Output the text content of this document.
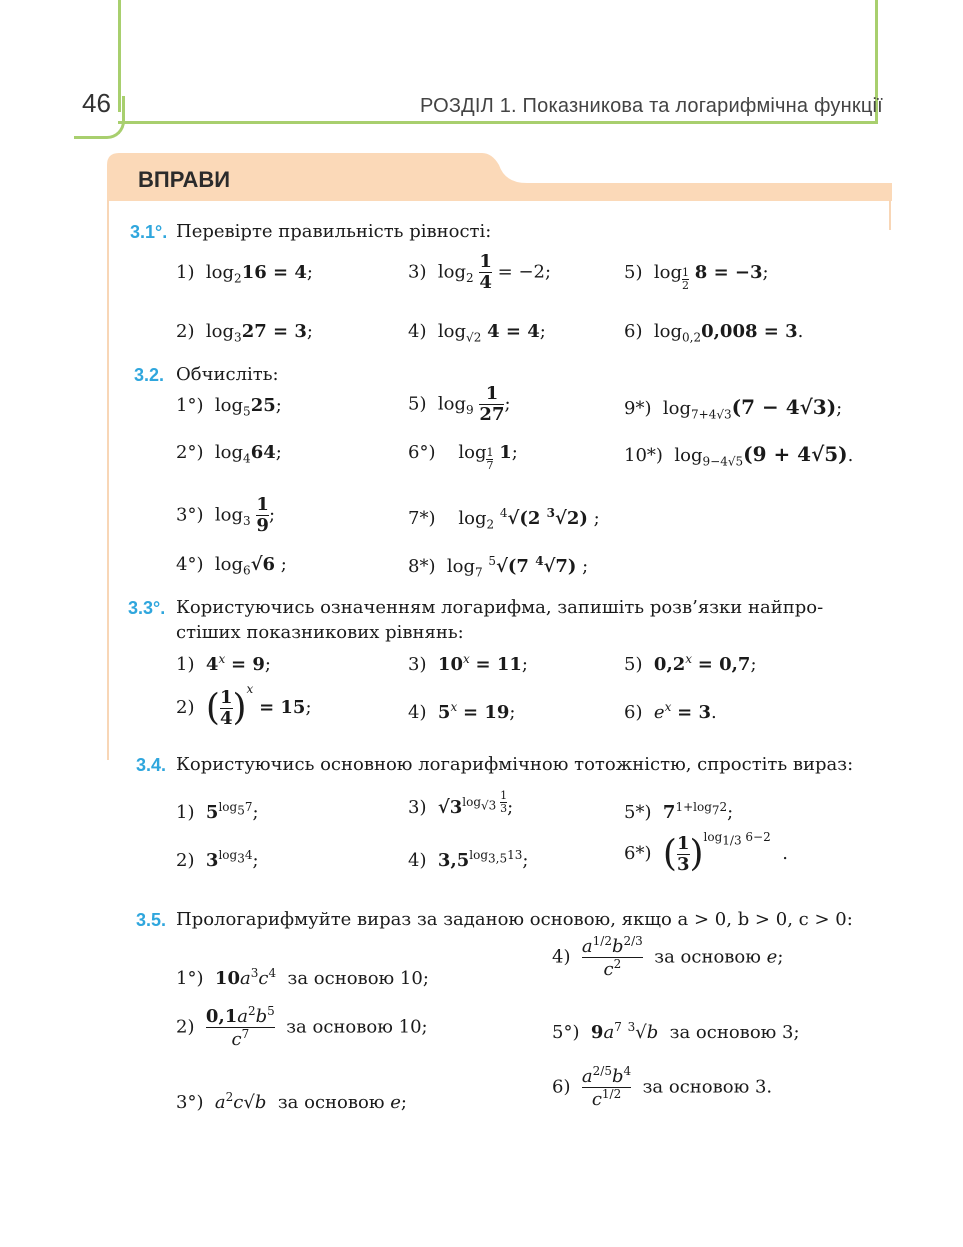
46	РОЗДІЛ 1. Показникова та логарифмічна функції
ВПРАВИ
3.1°. Перевірте правильність рівності:
1)  $\log_216 = 4$;	3)  $\log_2 \frac{1}{4} = -2$;	5)  log $_{\frac{1}{2}}$ 8 = −3;
2)  $\log_327 = 3$;	4)  $\log_{√2} 4 = 4$;	6)  $\log_{0,2}0,008 = 3$.
3.2. Обчисліть:
1°)  $\log_525$;	5)  $\log_9 \frac{1}{27}$ ;	9*)  $\log_{7+4√3}(7 - 4√3)$;
2°)  $\log_464$;	6°)    log $_{\frac{1}{7}}$ 1;	10*)  $\log_{9-4√5}(9 + 4√5)$.
3°)  $\log_3 \frac{1}{9}$ ;	7*)    $\log_2 ^4√(2$ $^3$√2) ;
4°)  $\log_6√6$ ;	8*)  $\log_7 ^5√(7$ $^4$√7) ;
3.3°. Користуючись означенням логарифма, запишіть розв’язки найпро-
стіших показникових рівнянь:
1)  $4^x = 9$;	3)  $10^x = 11$;	5)  $0,2^x = 0,7$;
2)  ( $\frac{1}{4} )^x = 15$;	4)  $5^x = 19$;	6)  $e^x = 3$.
3.4. Користуючись основною логарифмічною тотожністю, спростіть вираз:
1)  $5^{log_57}$;	3)  $√3^{log_{√3} \frac{1}{3}}$ ;	5*)  $7^{1+log_72}$;
2)  $3^{log_34}$;	4)  $3,5^{log_{3,5}13}$;	6*)  ( $\frac{1}{3} )^{log_{1/3} 6-2}$  .
3.5. Прологарифмуйте вираз за заданою основою, якщо a > 0, b > 0, c > 0:
1°)  $10a^3c^4$  за основою 10;
$4) \frac{a^{1/2}b^{2/3}}{c^2}$ за основою e;
$2) \frac{0,1a^2b^5}{c^7}$ за основою 10;	5°)  $9a^7$ $^3$√b  за основою 3;
3°)  $a^2c√b$  за основою e;
$6) \frac{a^{2/5}b^4}{c^{1/2}}$ за основою 3.
